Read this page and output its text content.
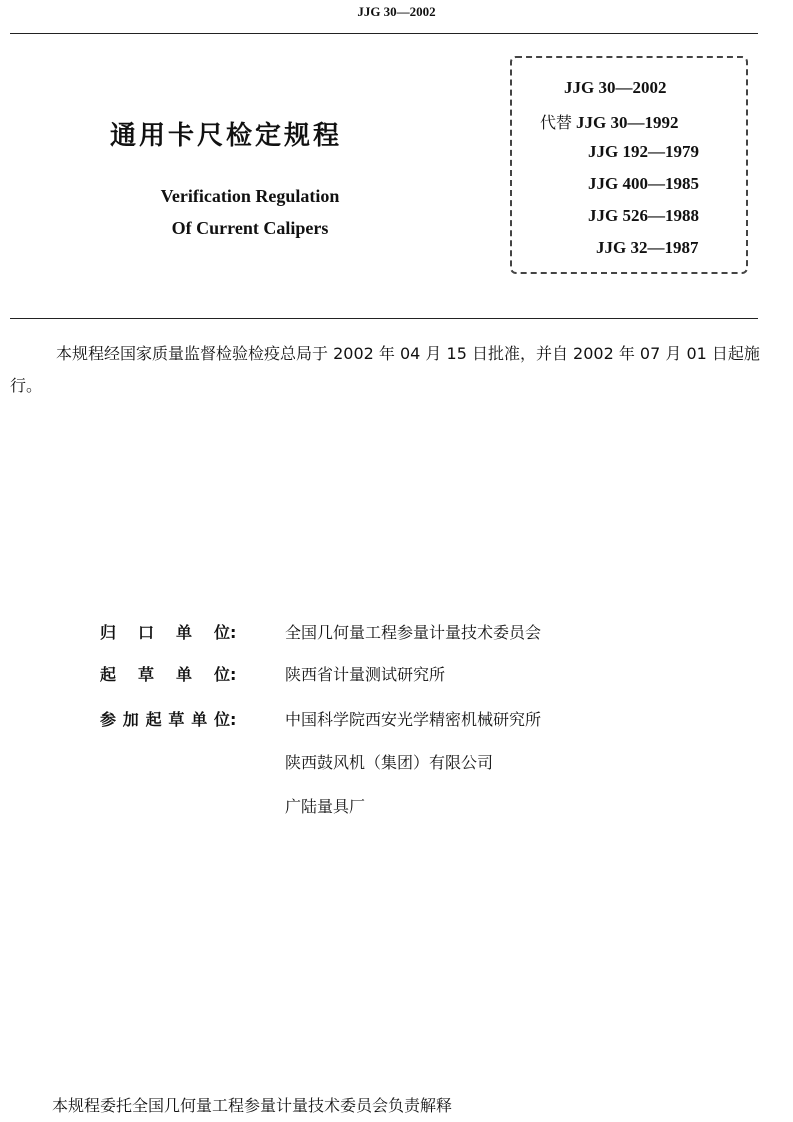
JJG 30—2002
通用卡尺检定规程
Verification Regulation
Of Current Calipers
JJG 30—2002
代替 JJG 30—1992
JJG 192—1979
JJG 400—1985
JJG 526—1988
JJG 32—1987
本规程经国家质量监督检验检疫总局于 2002 年 04 月 15 日批准，并自 2002 年 07 月 01 日起施行。
归口单位:	全国几何量工程参量计量技术委员会
起草单位:	陕西省计量测试研究所
参加起草单位:	中国科学院西安光学精密机械研究所
陕西鼓风机（集团）有限公司
广陆量具厂
本规程委托全国几何量工程参量计量技术委员会负责解释
